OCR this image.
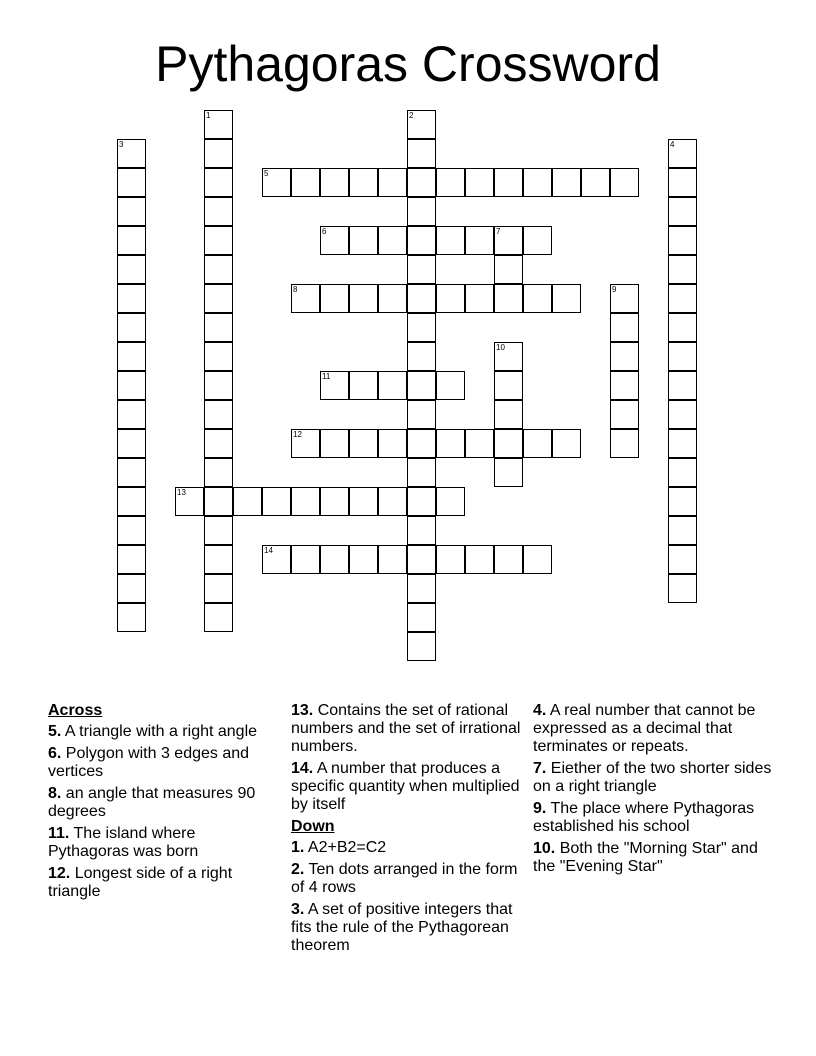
Pythagoras Crossword
1	2
3	4
5
6	7
8	9
10
11
12
13
14

Across

5. A triangle with a right angle

6. Polygon with 3 edges and vertices

8. an angle that measures 90 degrees

11. The island where Pythagoras was born

12. Longest side of a right triangle

13. Contains the set of rational numbers and the set of irrational numbers.

14. A number that produces a specific quantity when multiplied by itself

Down

1. A2+B2=C2

2. Ten dots arranged in the form of 4 rows

3. A set of positive integers that fits the rule of the Pythagorean theorem

4. A real number that cannot be expressed as a decimal that terminates or repeats.

7. Eiether of the two shorter sides on a right triangle

9. The place where Pythagoras established his school

10. Both the "Morning Star" and the "Evening Star"
